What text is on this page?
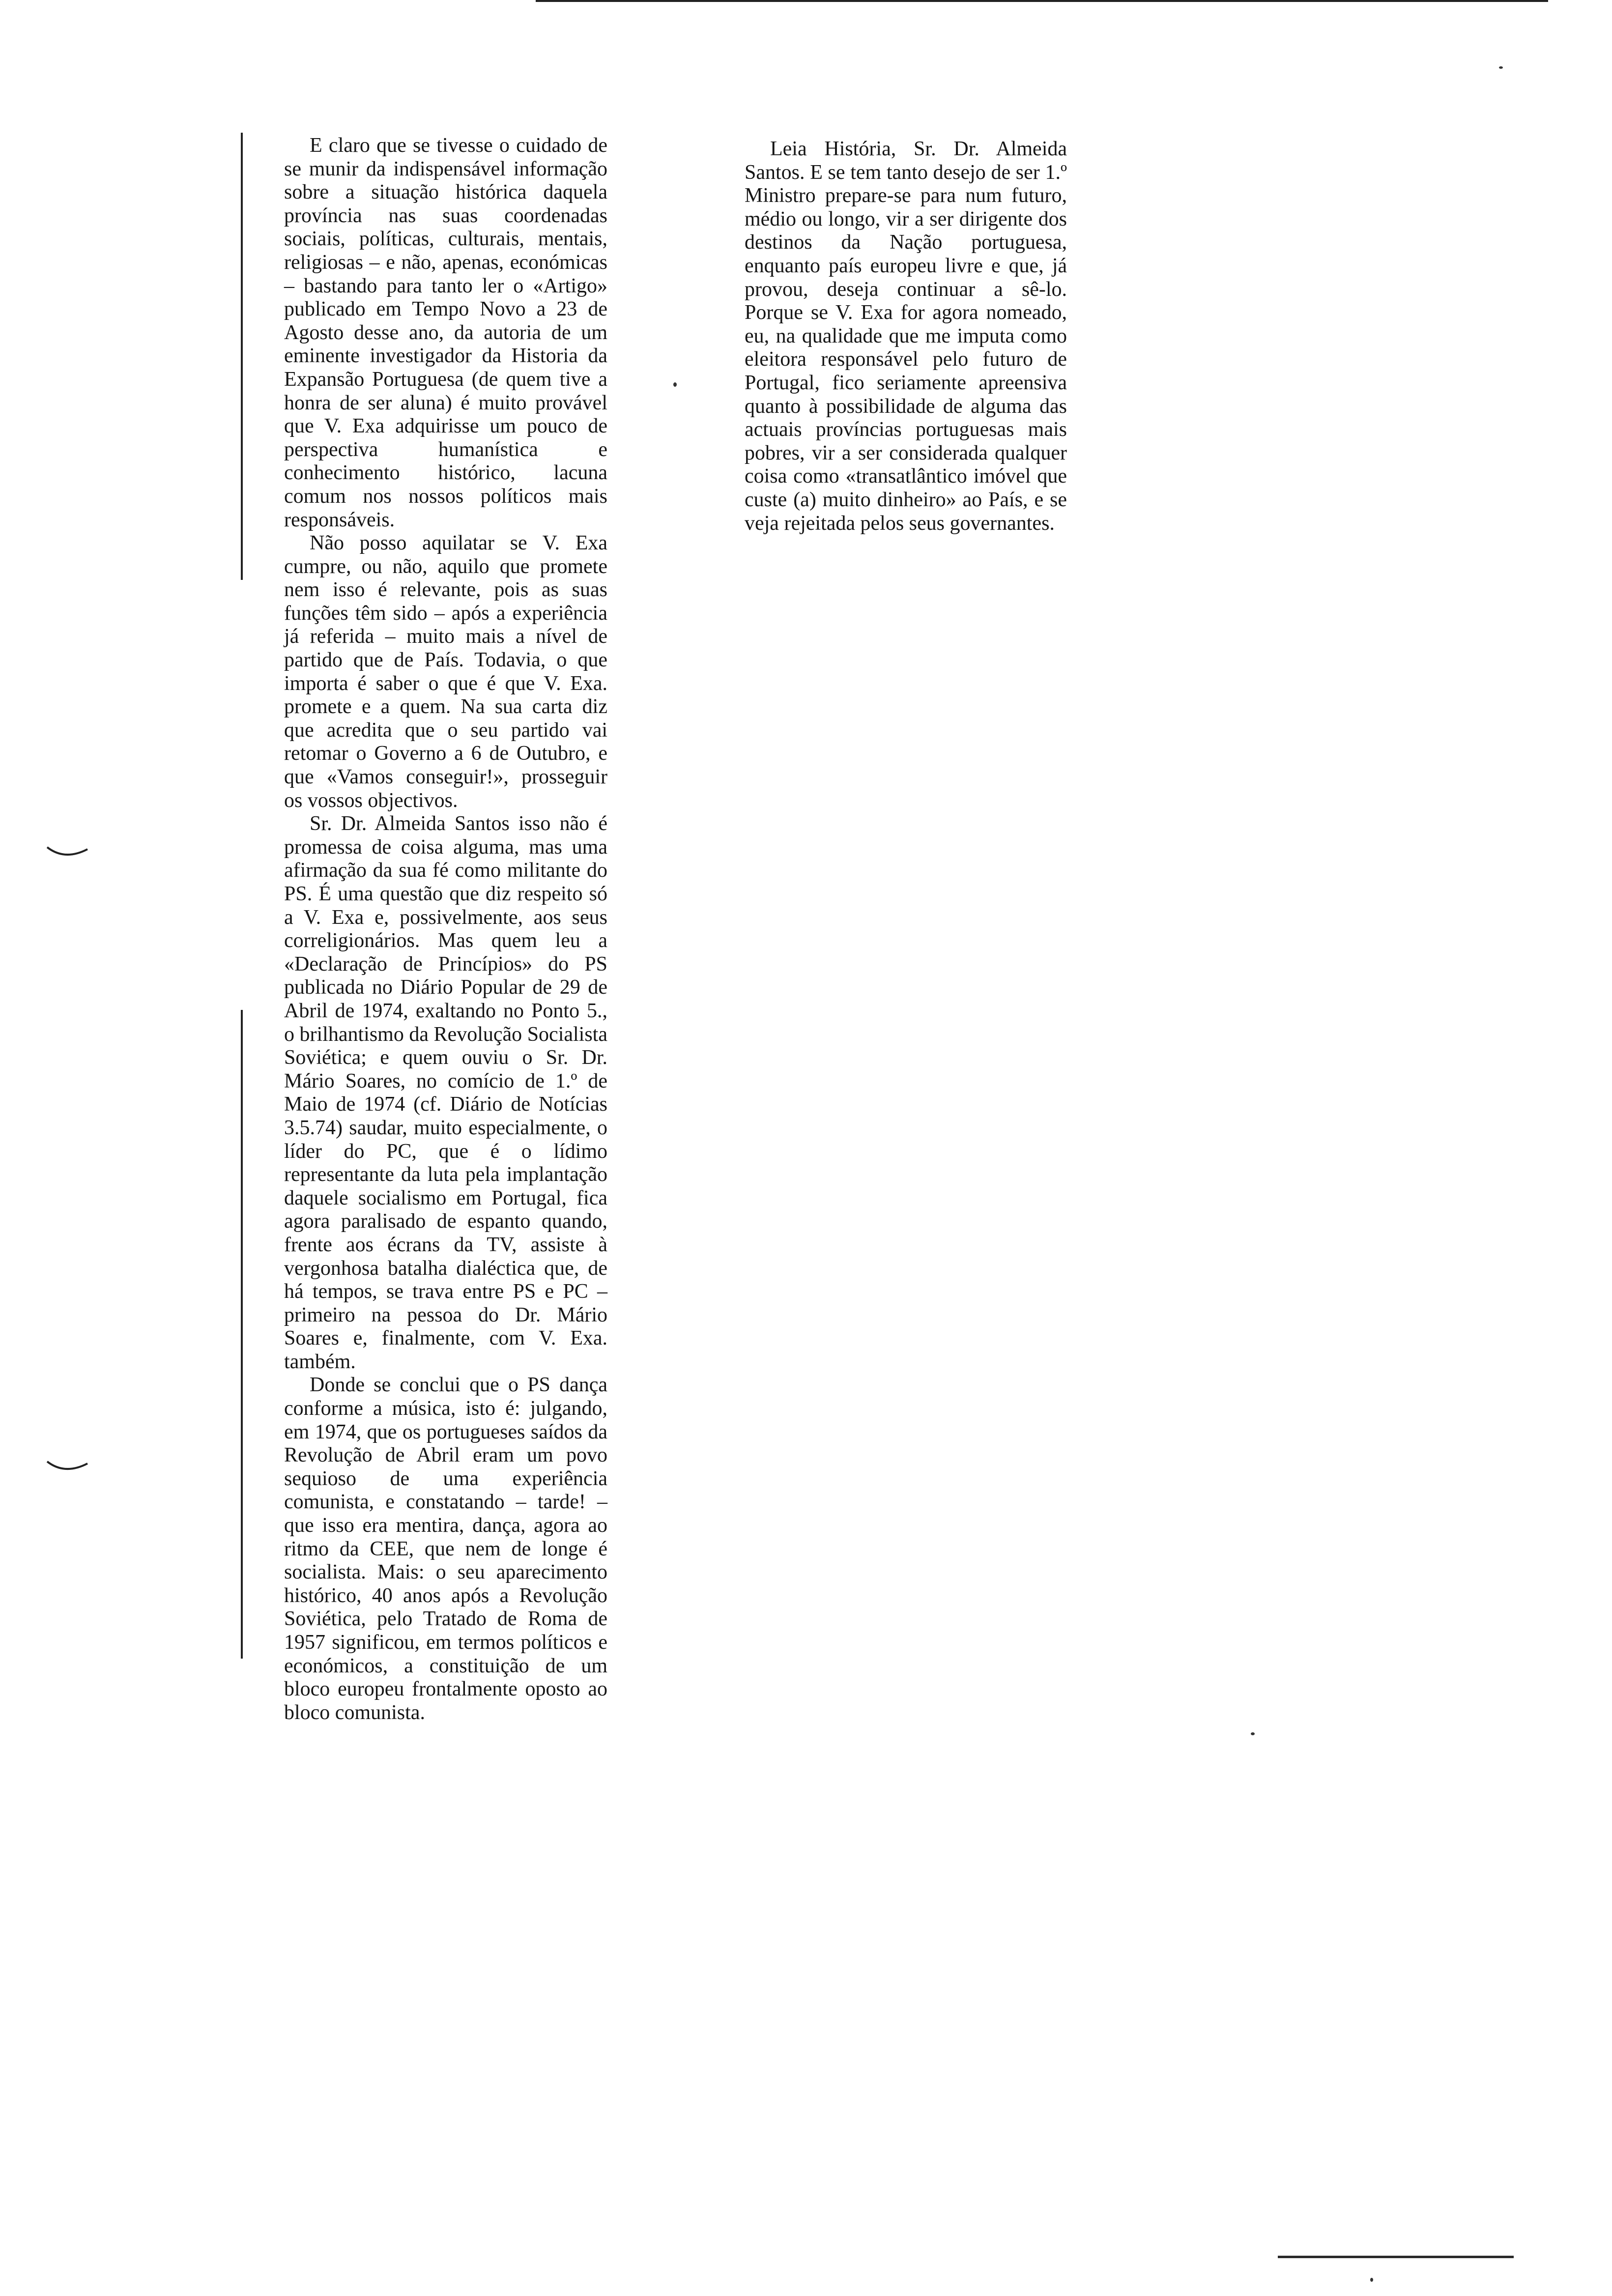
E claro que se tivesse o cuidado de se munir da indispensável informação sobre a situação histórica daquela província nas suas coordenadas sociais, políticas, culturais, mentais, religiosas – e não, apenas, económicas – bastando para tanto ler o «Artigo» publicado em Tempo Novo a 23 de Agosto desse ano, da autoria de um eminente investigador da Historia da Expansão Portuguesa (de quem tive a honra de ser aluna) é muito provável que V. Exa adquirisse um pouco de perspectiva humanística e conhecimento histórico, lacuna comum nos nossos políticos mais responsáveis.

Não posso aquilatar se V. Exa cumpre, ou não, aquilo que promete nem isso é relevante, pois as suas funções têm sido – após a experiência já referida – muito mais a nível de partido que de País. Todavia, o que importa é saber o que é que V. Exa. promete e a quem. Na sua carta diz que acredita que o seu partido vai retomar o Governo a 6 de Outubro, e que «Vamos conseguir!», prosseguir os vossos objectivos.

Sr. Dr. Almeida Santos isso não é promessa de coisa alguma, mas uma afirmação da sua fé como militante do PS. É uma questão que diz respeito só a V. Exa e, possivelmente, aos seus correligionários. Mas quem leu a «Declaração de Princípios» do PS publicada no Diário Popular de 29 de Abril de 1974, exaltando no Ponto 5., o brilhantismo da Revolução Socialista Soviética; e quem ouviu o Sr. Dr. Mário Soares, no comício de 1.º de Maio de 1974 (cf. Diário de Notícias 3.5.74) saudar, muito especialmente, o líder do PC, que é o lídimo representante da luta pela implantação daquele socialismo em Portugal, fica agora paralisado de espanto quando, frente aos écrans da TV, assiste à vergonhosa batalha dialéctica que, de há tempos, se trava entre PS e PC – primeiro na pessoa do Dr. Mário Soares e, finalmente, com V. Exa. também.

Donde se conclui que o PS dança conforme a música, isto é: julgando, em 1974, que os portugueses saídos da Revolução de Abril eram um povo sequioso de uma experiência comunista, e constatando – tarde! – que isso era mentira, dança, agora ao ritmo da CEE, que nem de longe é socialista. Mais: o seu aparecimento histórico, 40 anos após a Revolução Soviética, pelo Tratado de Roma de 1957 significou, em termos políticos e económicos, a constituição de um bloco europeu frontalmente oposto ao bloco comunista.

Leia História, Sr. Dr. Almeida Santos. E se tem tanto desejo de ser 1.º Ministro prepare-se para num futuro, médio ou longo, vir a ser dirigente dos destinos da Nação portuguesa, enquanto país europeu livre e que, já provou, deseja continuar a sê-lo. Porque se V. Exa for agora nomeado, eu, na qualidade que me imputa como eleitora responsável pelo futuro de Portugal, fico seriamente apreensiva quanto à possibilidade de alguma das actuais províncias portuguesas mais pobres, vir a ser considerada qualquer coisa como «transatlântico imóvel que custe (a) muito dinheiro» ao País, e se veja rejeitada pelos seus governantes.
